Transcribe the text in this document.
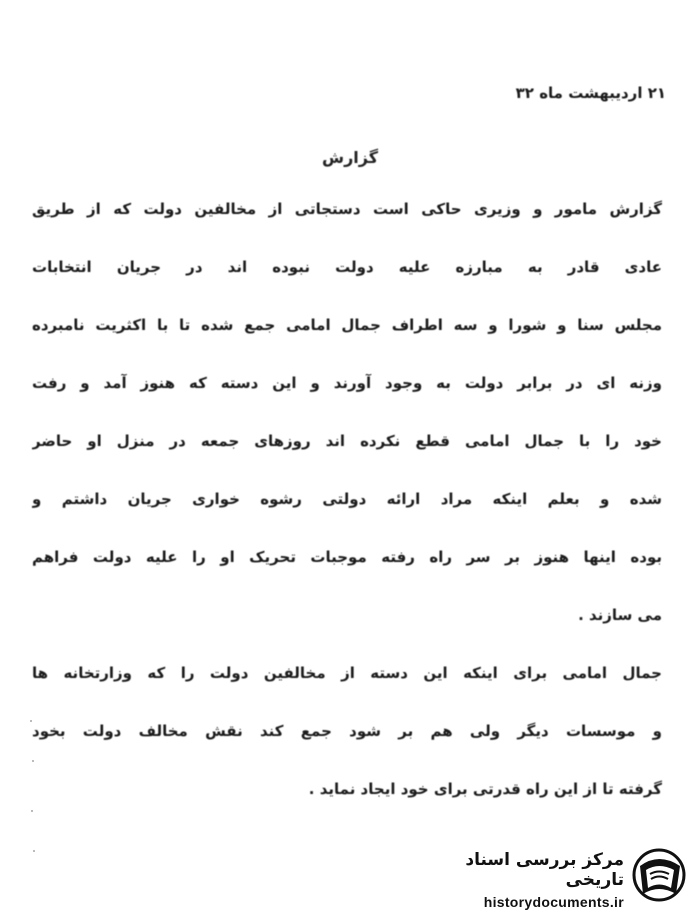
۲۱ اردیبهشت ماه ۳۲
گزارش
گزارش مامور و وزیری حاکی است دستجاتی از مخالفین دولت که از طریق
عادی قادر به مبارزه علیه دولت نبوده اند در جریان انتخابات
مجلس سنا و شورا و سه اطراف جمال امامی جمع شده تا با اکثریت نامبرده
وزنه ای در برابر دولت به وجود آورند و این دسته که هنوز آمد و رفت
خود را با جمال امامی قطع نکرده اند روزهای جمعه در منزل او حاضر
شده و بعلم اینکه مراد ارائه دولتی رشوه خواری جریان داشتم و
بوده اینها هنوز بر سر راه رفته موجبات تحریک او را علیه دولت فراهم
می سازند .
جمال امامی برای اینکه این دسته از مخالفین دولت را که وزارتخانه ها
و موسسات دیگر ولی هم بر شود جمع کند نقش مخالف دولت بخود
گرفته تا از این راه قدرتی برای خود ایجاد نماید .
مرکز بررسی اسناد تاریخی
historydocuments.ir
